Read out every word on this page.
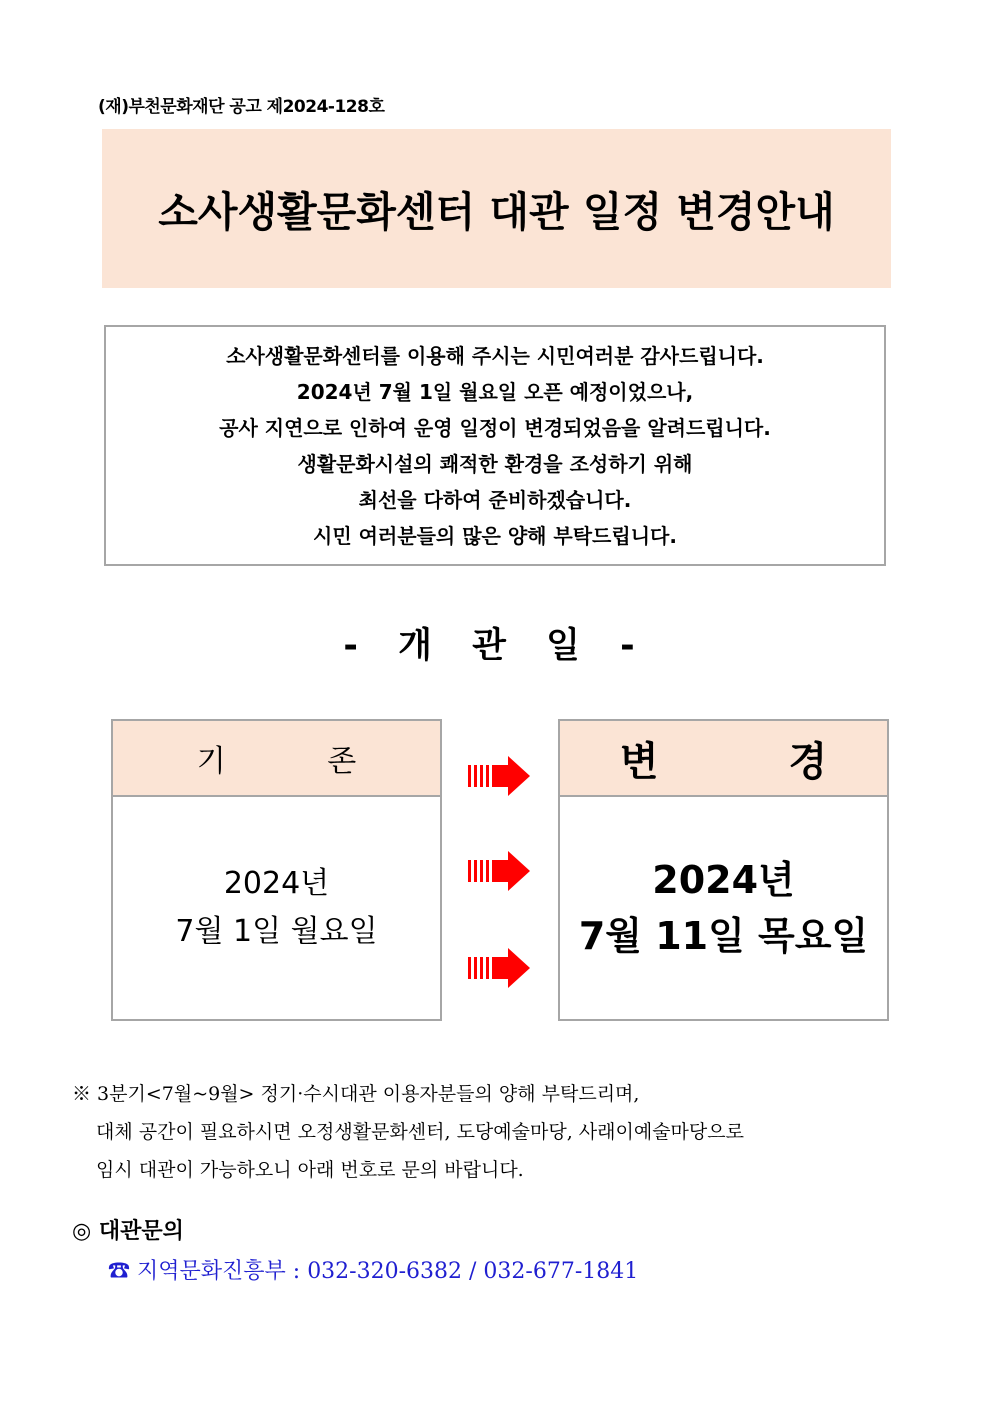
(재)부천문화재단 공고 제2024-128호
소사생활문화센터 대관 일정 변경안내
소사생활문화센터를 이용해 주시는 시민여러분 감사드립니다.
2024년 7월 1일 월요일 오픈 예정이었으나,
공사 지연으로 인하여 운영 일정이 변경되었음을 알려드립니다.
생활문화시설의 쾌적한 환경을 조성하기 위해
최선을 다하여 준비하겠습니다.
시민 여러분들의 많은 양해 부탁드립니다.
- 개 관 일 -
기 존
2024년
7월 1일 월요일
변 경
2024년
7월 11일 목요일
※ 3분기<7월~9월> 정기·수시대관 이용자분들의 양해 부탁드리며,
대체 공간이 필요하시면 오정생활문화센터, 도당예술마당, 사래이예술마당으로
임시 대관이 가능하오니 아래 번호로 문의 바랍니다.
◎ 대관문의
☎ 지역문화진흥부 : 032-320-6382 / 032-677-1841
